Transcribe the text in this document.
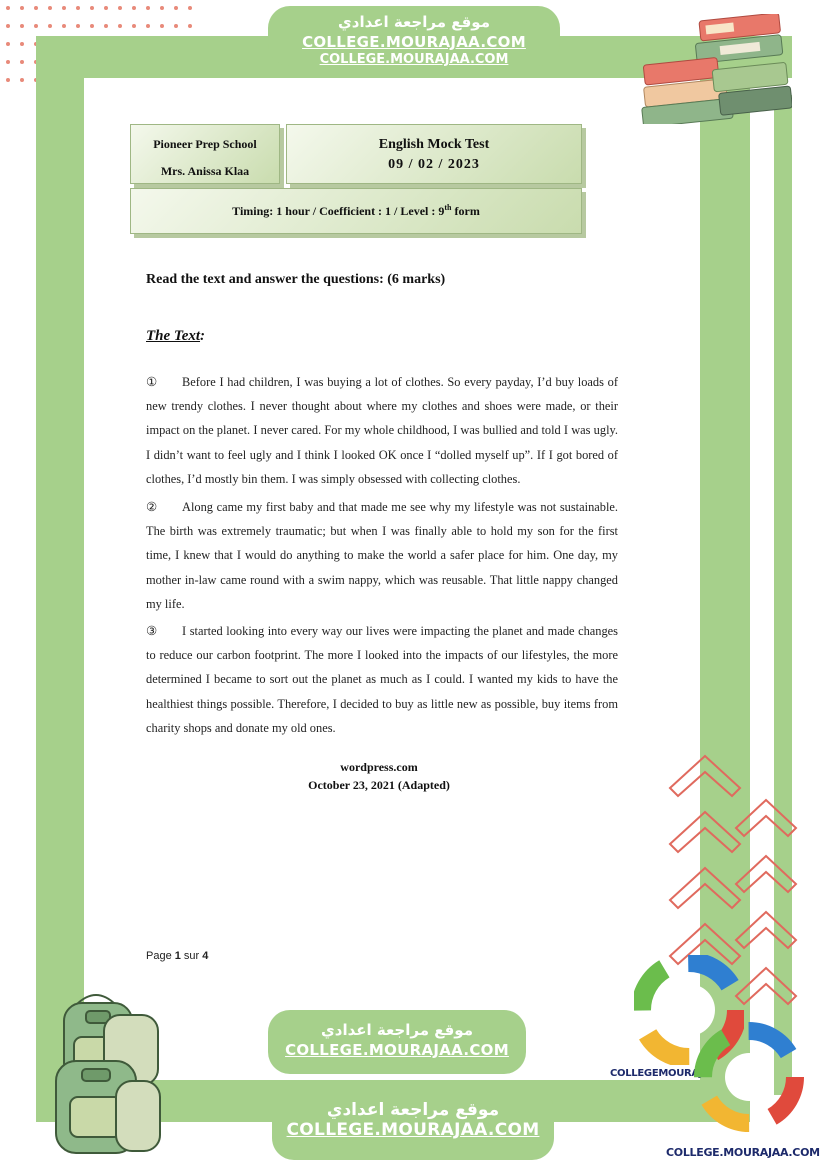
موقع مراجعة اعدادي
COLLEGE.MOURAJAA.COM
COLLEGE.MOURAJAA.COM
Pioneer Prep School
Mrs. Anissa Klaa
English Mock Test
09 / 02 / 2023
Timing: 1 hour / Coefficient : 1 / Level : 9th form
Read the text and answer the questions: (6 marks)
The Text:
① Before I had children, I was buying a lot of clothes. So every payday, I’d buy loads of new trendy clothes. I never thought about where my clothes and shoes were made, or their impact on the planet. I never cared. For my whole childhood, I was bullied and told I was ugly. I didn’t want to feel ugly and I think I looked OK once I “dolled myself up”. If I got bored of clothes, I’d mostly bin them. I was simply obsessed with collecting clothes.
② Along came my first baby and that made me see why my lifestyle was not sustainable. The birth was extremely traumatic; but when I was finally able to hold my son for the first time, I knew that I would do anything to make the world a safer place for him. One day, my mother in-law came round with a swim nappy, which was reusable. That little nappy changed my life.
③ I started looking into every way our lives were impacting the planet and made changes to reduce our carbon footprint. The more I looked into the impacts of our lifestyles, the more determined I became to sort out the planet as much as I could. I wanted my kids to have the healthiest things possible. Therefore, I decided to buy as little new as possible, buy items from charity shops and donate my old ones.
wordpress.com
October 23, 2021 (Adapted)
Page 1 sur 4
موقع مراجعة اعدادي
COLLEGE.MOURAJAA.COM
موقع مراجعة اعدادي
COLLEGE.MOURAJAA.COM
COLLEGEMOURAJ
COLLEGE.MOURAJAA.COM
